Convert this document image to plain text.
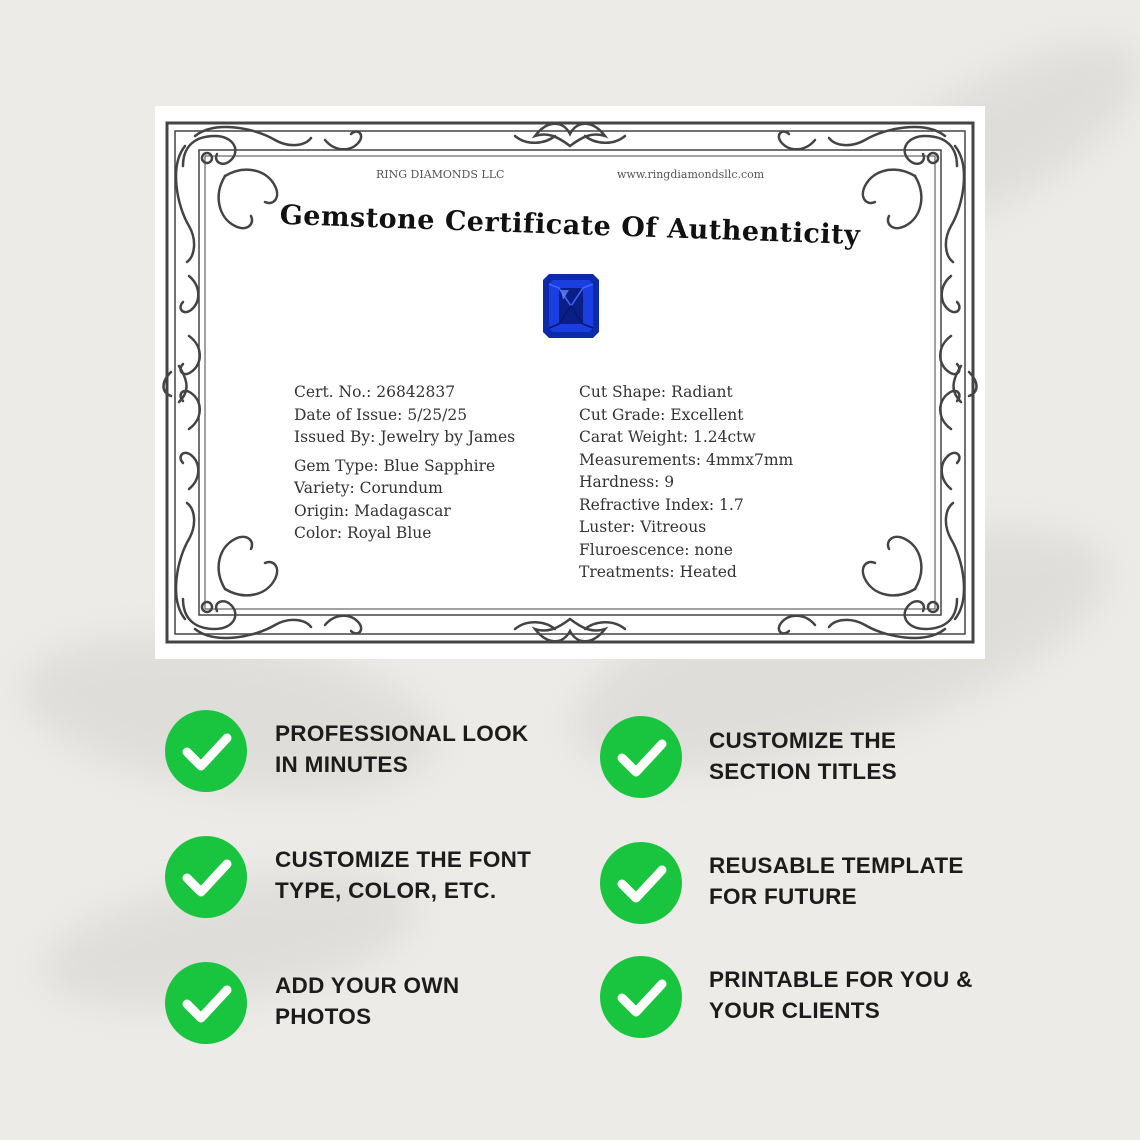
RING DIAMONDS LLC	www.ringdiamondsllc.com
Gemstone Certificate Of Authenticity
Cert. No.: 26842837
Date of Issue: 5/25/25
Issued By: Jewelry by James
Gem Type: Blue Sapphire
Variety: Corundum
Origin: Madagascar
Color: Royal Blue
Cut Shape: Radiant
Cut Grade: Excellent
Carat Weight: 1.24ctw
Measurements: 4mmx7mm
Hardness: 9
Refractive Index: 1.7
Luster: Vitreous
Fluroescence: none
Treatments: Heated
PROFESSIONAL LOOK
IN MINUTES
CUSTOMIZE THE
SECTION TITLES
CUSTOMIZE THE FONT
TYPE, COLOR, ETC.
REUSABLE TEMPLATE
FOR FUTURE
ADD YOUR OWN
PHOTOS
PRINTABLE FOR YOU &
YOUR CLIENTS
